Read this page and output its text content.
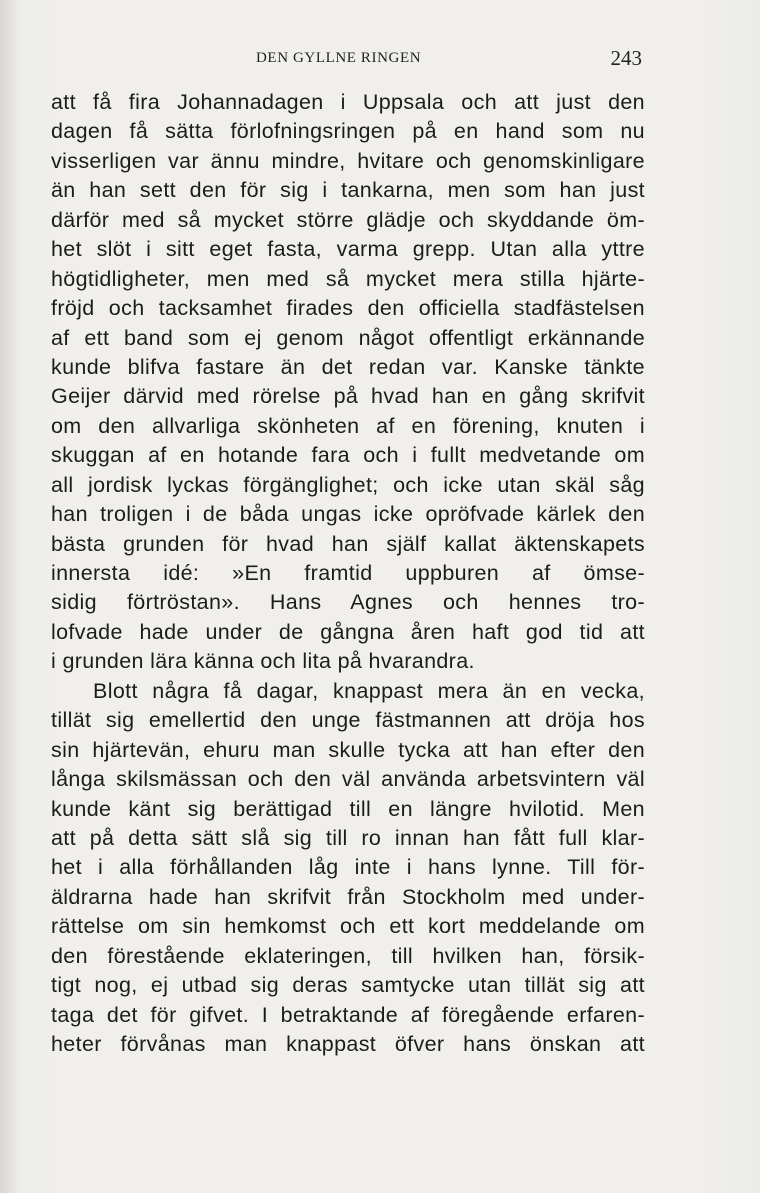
DEN GYLLNE RINGEN	243
att få fira Johannadagen i Uppsala och att just den
dagen få sätta förlofningsringen på en hand som nu
visserligen var ännu mindre, hvitare och genomskinligare
än han sett den för sig i tankarna, men som han just
därför med så mycket större glädje och skyddande öm-
het slöt i sitt eget fasta, varma grepp. Utan alla yttre
högtidligheter, men med så mycket mera stilla hjärte-
fröjd och tacksamhet firades den officiella stadfästelsen
af ett band som ej genom något offentligt erkännande
kunde blifva fastare än det redan var. Kanske tänkte
Geijer därvid med rörelse på hvad han en gång skrifvit
om den allvarliga skönheten af en förening, knuten i
skuggan af en hotande fara och i fullt medvetande om
all jordisk lyckas förgänglighet; och icke utan skäl såg
han troligen i de båda ungas icke opröfvade kärlek den
bästa grunden för hvad han själf kallat äktenskapets
innersta idé: »En framtid uppburen af ömse-
sidig förtröstan». Hans Agnes och hennes tro-
lofvade hade under de gångna åren haft god tid att
i grunden lära känna och lita på hvarandra.
Blott några få dagar, knappast mera än en vecka,
tillät sig emellertid den unge fästmannen att dröja hos
sin hjärtevän, ehuru man skulle tycka att han efter den
långa skilsmässan och den väl använda arbetsvintern väl
kunde känt sig berättigad till en längre hvilotid. Men
att på detta sätt slå sig till ro innan han fått full klar-
het i alla förhållanden låg inte i hans lynne. Till för-
äldrarna hade han skrifvit från Stockholm med under-
rättelse om sin hemkomst och ett kort meddelande om
den förestående eklateringen, till hvilken han, försik-
tigt nog, ej utbad sig deras samtycke utan tillät sig att
taga det för gifvet. I betraktande af föregående erfaren-
heter förvånas man knappast öfver hans önskan att
